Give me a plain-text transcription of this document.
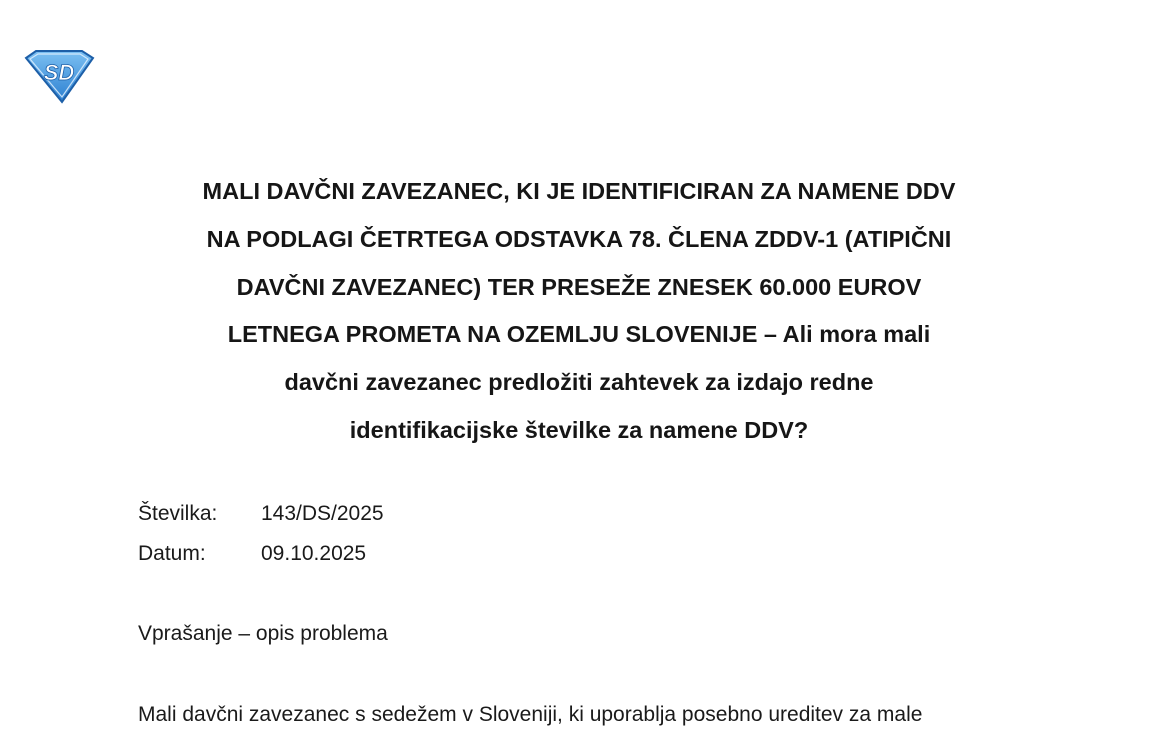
SD
MALI DAVČNI ZAVEZANEC, KI JE IDENTIFICIRAN ZA NAMENE DDV
NA PODLAGI ČETRTEGA ODSTAVKA 78. ČLENA ZDDV-1 (ATIPIČNI
DAVČNI ZAVEZANEC) TER PRESEŽE ZNESEK 60.000 EUROV
LETNEGA PROMETA NA OZEMLJU SLOVENIJE – Ali mora mali
davčni zavezanec predložiti zahtevek za izdajo redne
identifikacijske številke za namene DDV?
Številka: 143/DS/2025
Datum:	09.10.2025
Vprašanje – opis problema

Mali davčni zavezanec s sedežem v Sloveniji, ki uporablja posebno ureditev za male
